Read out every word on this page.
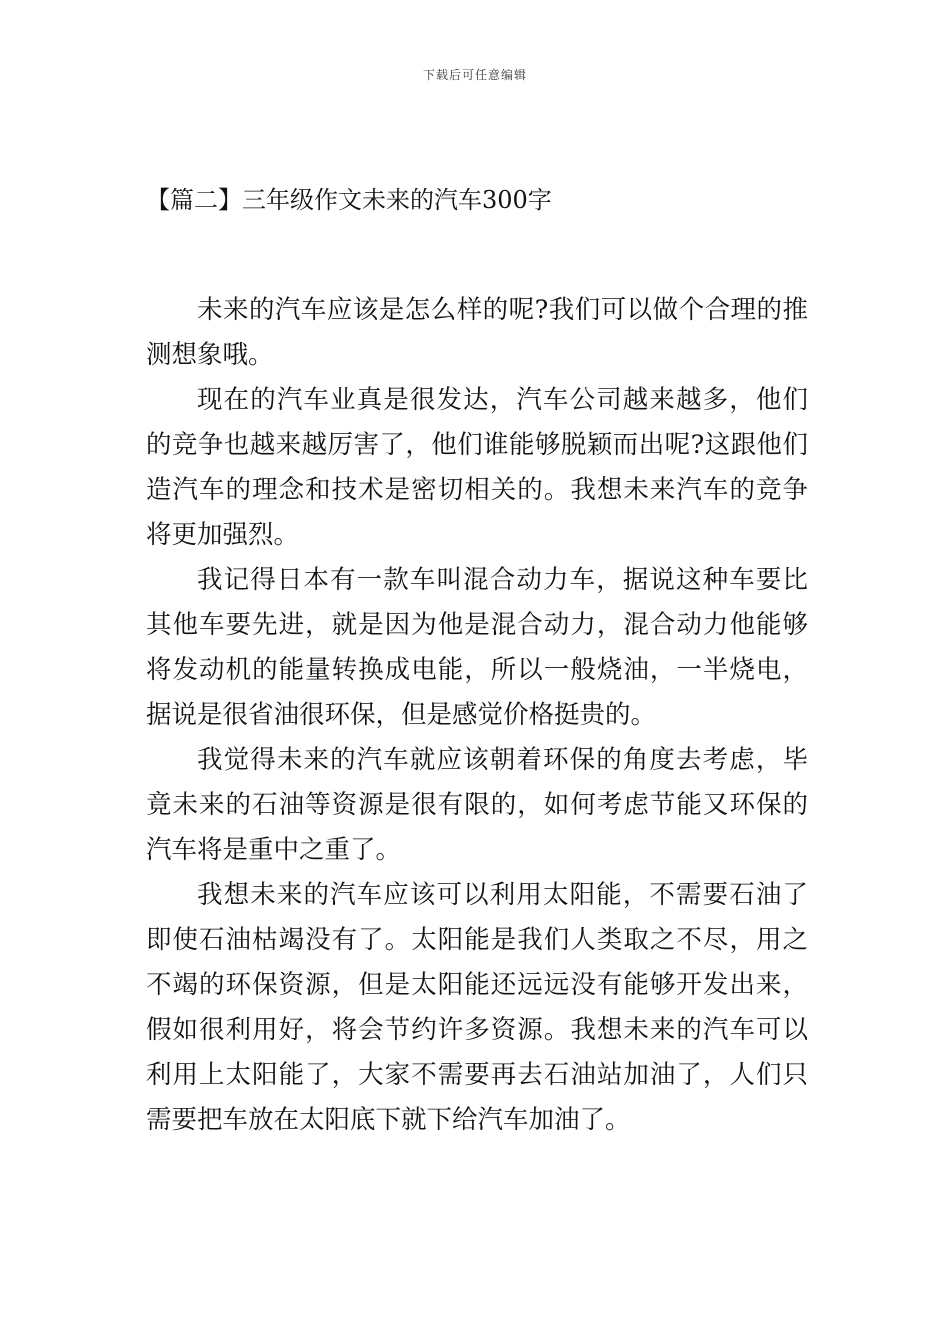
下载后可任意编辑
【篇二】三年级作文未来的汽车300字

未来的汽车应该是怎么样的呢?我们可以做个合理的推测想象哦。

现在的汽车业真是很发达，汽车公司越来越多，他们的竞争也越来越厉害了，他们谁能够脱颖而出呢?这跟他们造汽车的理念和技术是密切相关的。我想未来汽车的竞争将更加强烈。

我记得日本有一款车叫混合动力车，据说这种车要比其他车要先进，就是因为他是混合动力，混合动力他能够将发动机的能量转换成电能，所以一般烧油，一半烧电，据说是很省油很环保，但是感觉价格挺贵的。

我觉得未来的汽车就应该朝着环保的角度去考虑，毕竟未来的石油等资源是很有限的，如何考虑节能又环保的汽车将是重中之重了。

我想未来的汽车应该可以利用太阳能，不需要石油了即使石油枯竭没有了。太阳能是我们人类取之不尽，用之不竭的环保资源，但是太阳能还远远没有能够开发出来，假如很利用好，将会节约许多资源。我想未来的汽车可以利用上太阳能了，大家不需要再去石油站加油了，人们只需要把车放在太阳底下就下给汽车加油了。
